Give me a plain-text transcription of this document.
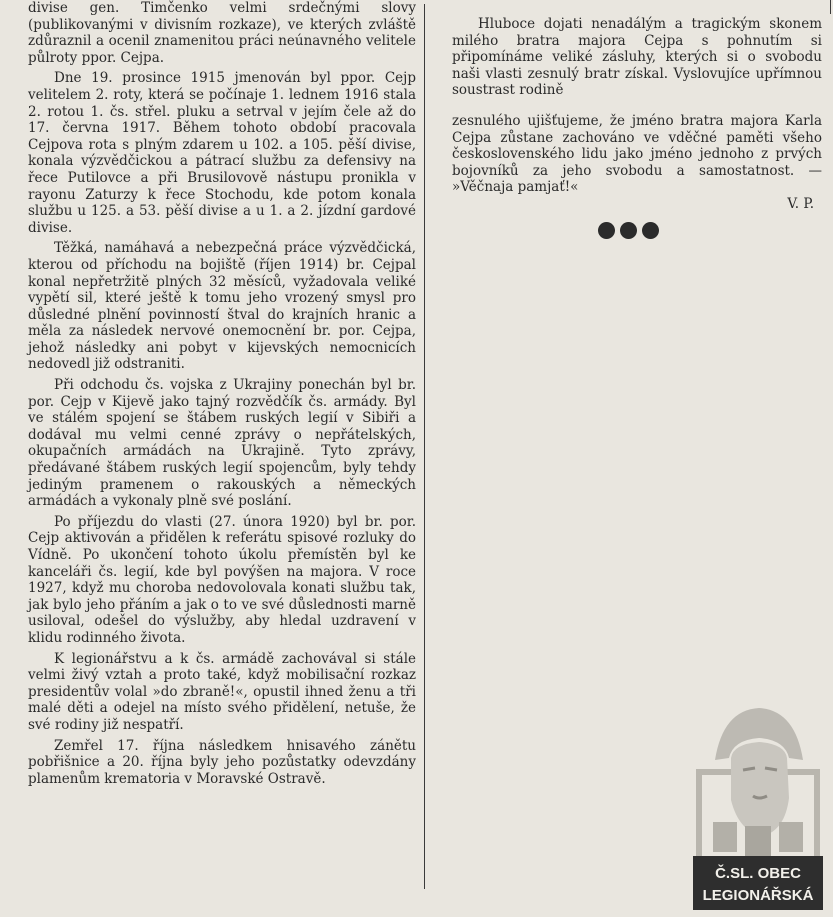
divise gen. Timčenko velmi srdečnými slovy (publikovanými v divisním rozkaze), ve kterých zvláště zdůraznil a ocenil znamenitou práci neúnavného velitele půlroty ppor. Cejpa.

Dne 19. prosince 1915 jmenován byl ppor. Cejp velitelem 2. roty, která se počínaje 1. lednem 1916 stala 2. rotou 1. čs. střel. pluku a setrval v jejím čele až do 17. června 1917. Během tohoto období pracovala Cejpova rota s plným zdarem u 102. a 105. pěší divise, konala výzvědčickou a pátrací službu za defensivy na řece Putilovce a při Brusilovově nástupu pronikla v rayonu Zaturzy k řece Stochodu, kde potom konala službu u 125. a 53. pěší divise a u 1. a 2. jízdní gardové divise.

Těžká, namáhavá a nebezpečná práce výzvědčická, kterou od příchodu na bojiště (říjen 1914) br. Cejpal konal nepřetržitě plných 32 měsíců, vyžadovala veliké vypětí sil, které ještě k tomu jeho vrozený smysl pro důsledné plnění povinností štval do krajních hranic a měla za následek nervové onemocnění br. por. Cejpa, jehož následky ani pobyt v kijevských nemocnicích nedovedl již odstraniti.

Při odchodu čs. vojska z Ukrajiny ponechán byl br. por. Cejp v Kijevě jako tajný rozvědčík čs. armády. Byl ve stálém spojení se štábem ruských legií v Sibiři a dodával mu velmi cenné zprávy o nepřátelských, okupačních armádách na Ukrajině. Tyto zprávy, předávané štábem ruských legií spojencům, byly tehdy jediným pramenem o rakouských a německých armádách a vykonaly plně své poslání.

Po příjezdu do vlasti (27. února 1920) byl br. por. Cejp aktivován a přidělen k referátu spisové rozluky do Vídně. Po ukončení tohoto úkolu přemístěn byl ke kanceláři čs. legií, kde byl povýšen na majora. V roce 1927, když mu choroba nedovolovala konati službu tak, jak bylo jeho přáním a jak o to ve své důslednosti marně usiloval, odešel do výslužby, aby hledal uzdravení v klidu rodinného života.

K legionářstvu a k čs. armádě zachovával si stále velmi živý vztah a proto také, když mobilisační rozkaz presidentův volal »do zbraně!«, opustil ihned ženu a tři malé děti a odejel na místo svého přidělení, netuše, že své rodiny již nespatří.

Zemřel 17. října následkem hnisavého zánětu pobřišnice a 20. října byly jeho pozůstatky odevzdány plamenům krematoria v Moravské Ostravě.

Hluboce dojati nenadálým a tragickým skonem milého bratra majora Cejpa s pohnutím si připomínáme veliké zásluhy, kterých si o svobodu naši vlasti zesnulý bratr získal. Vyslovujíce upřímnou soustrast rodině

zesnulého ujišťujeme, že jméno bratra majora Karla Cejpa zůstane zachováno ve vděčné paměti všeho československého lidu jako jméno jednoho z prvých bojovníků za jeho svobodu a samostatnost. — »Věčnaja pamjať!«

V. P.
Č.SL. OBEC
LEGIONÁŘSKÁ
